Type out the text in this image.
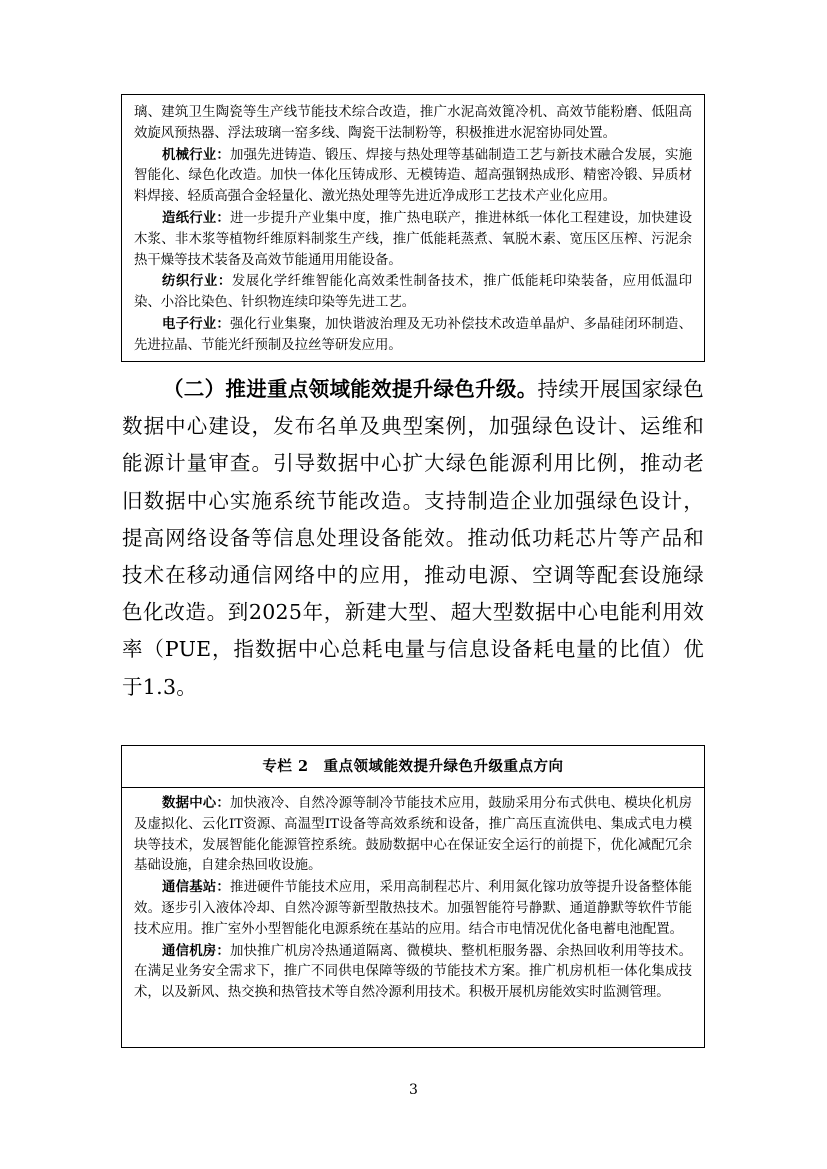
璃、建筑卫生陶瓷等生产线节能技术综合改造，推广水泥高效篦冷机、高效节能粉磨、低阻高效旋风预热器、浮法玻璃一窑多线、陶瓷干法制粉等，积极推进水泥窑协同处置。

机械行业：加强先进铸造、锻压、焊接与热处理等基础制造工艺与新技术融合发展，实施智能化、绿色化改造。加快一体化压铸成形、无模铸造、超高强钢热成形、精密冷锻、异质材料焊接、轻质高强合金轻量化、激光热处理等先进近净成形工艺技术产业化应用。

造纸行业：进一步提升产业集中度，推广热电联产，推进林纸一体化工程建设，加快建设木浆、非木浆等植物纤维原料制浆生产线，推广低能耗蒸煮、氧脱木素、宽压区压榨、污泥余热干燥等技术装备及高效节能通用用能设备。

纺织行业：发展化学纤维智能化高效柔性制备技术，推广低能耗印染装备，应用低温印染、小浴比染色、针织物连续印染等先进工艺。

电子行业：强化行业集聚，加快谐波治理及无功补偿技术改造单晶炉、多晶硅闭环制造、先进拉晶、节能光纤预制及拉丝等研发应用。

（二）推进重点领域能效提升绿色升级。持续开展国家绿色数据中心建设，发布名单及典型案例，加强绿色设计、运维和能源计量审查。引导数据中心扩大绿色能源利用比例，推动老旧数据中心实施系统节能改造。支持制造企业加强绿色设计，提高网络设备等信息处理设备能效。推动低功耗芯片等产品和技术在移动通信网络中的应用，推动电源、空调等配套设施绿色化改造。到2025年，新建大型、超大型数据中心电能利用效率（PUE，指数据中心总耗电量与信息设备耗电量的比值）优于1.3。

专栏 2　重点领域能效提升绿色升级重点方向

数据中心：加快液冷、自然冷源等制冷节能技术应用，鼓励采用分布式供电、模块化机房及虚拟化、云化IT资源、高温型IT设备等高效系统和设备，推广高压直流供电、集成式电力模块等技术，发展智能化能源管控系统。鼓励数据中心在保证安全运行的前提下，优化减配冗余基础设施，自建余热回收设施。

通信基站：推进硬件节能技术应用，采用高制程芯片、利用氮化镓功放等提升设备整体能效。逐步引入液体冷却、自然冷源等新型散热技术。加强智能符号静默、通道静默等软件节能技术应用。推广室外小型智能化电源系统在基站的应用。结合市电情况优化备电蓄电池配置。

通信机房：加快推广机房冷热通道隔离、微模块、整机柜服务器、余热回收利用等技术。在满足业务安全需求下，推广不同供电保障等级的节能技术方案。推广机房机柜一体化集成技术，以及新风、热交换和热管技术等自然冷源利用技术。积极开展机房能效实时监测管理。

3
